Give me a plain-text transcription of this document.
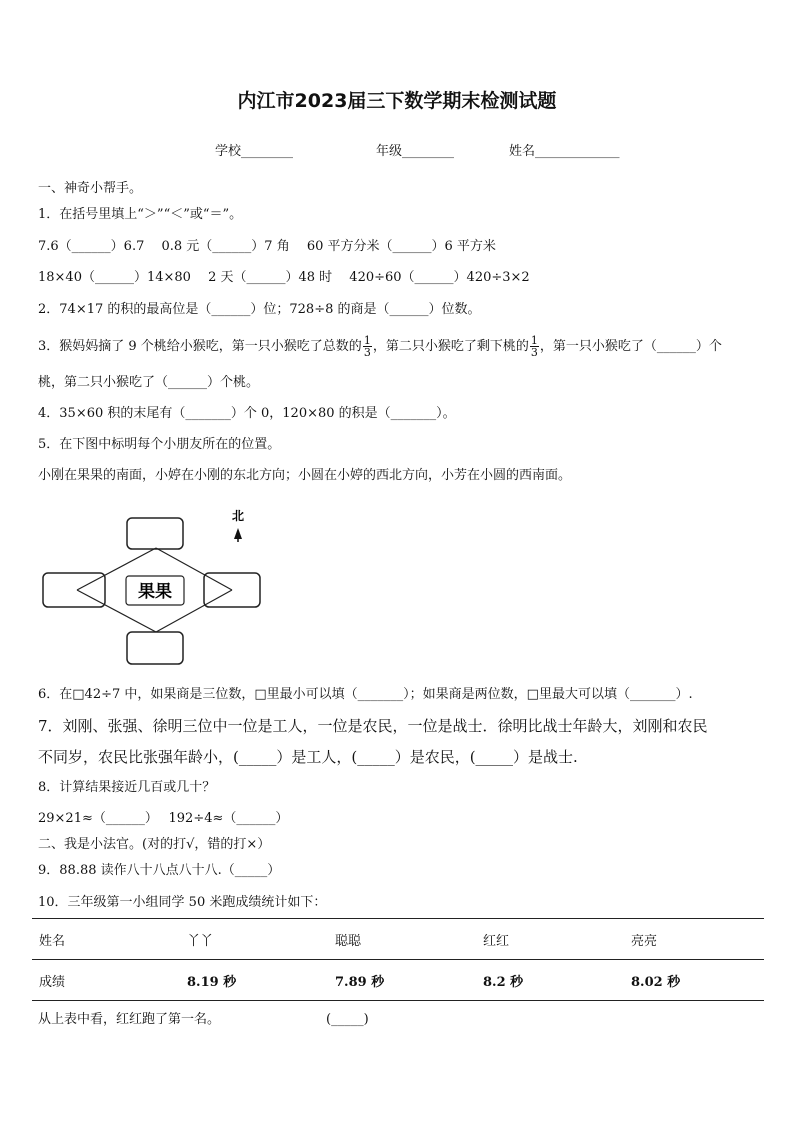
内江市2023届三下数学期末检测试题
学校________	年级________	姓名_____________
一、神奇小帮手。
1．在括号里填上“＞”“＜”或“＝”。
7.6（______）6.7　 0.8 元（______）7 角　 60 平方分米（______）6 平方米
18×40（______）14×80　 2 天（______）48 时　 420÷60（______）420÷3×2
2．74×17 的积的最高位是（______）位；728÷8 的商是（______）位数。
3．猴妈妈摘了 9 个桃给小猴吃，第一只小猴吃了总数的 $\frac{1}{3}$ ，第二只小猴吃了剩下桃的 $\frac{1}{3}$ ，第一只小猴吃了（______）个
桃，第二只小猴吃了（______）个桃。
4．35×60 积的末尾有（_______）个 0，120×80 的积是（_______）。
5．在下图中标明每个小朋友所在的位置。
小刚在果果的南面，小婷在小刚的东北方向；小圆在小婷的西北方向，小芳在小圆的西南面。
果果
北
6．在□42÷7 中，如果商是三位数，□里最小可以填（_______）；如果商是两位数，□里最大可以填（_______）.
7．刘刚、张强、徐明三位中一位是工人，一位是农民，一位是战士．徐明比战士年龄大，刘刚和农民
不同岁，农民比张强年龄小，(_____）是工人，(_____）是农民，(_____）是战士.
8．计算结果接近几百或几十？
29×21≈（______）　 192÷4≈（______）
二、我是小法官。(对的打√，错的打×）
9．88.88 读作八十八点八十八.（_____）
10．三年级第一小组同学 50 米跑成绩统计如下：
姓名	丫丫	聪聪	红红	亮亮
成绩	8.19 秒	7.89 秒	8.2 秒	8.02 秒
从上表中看，红红跑了第一名。	(_____)
